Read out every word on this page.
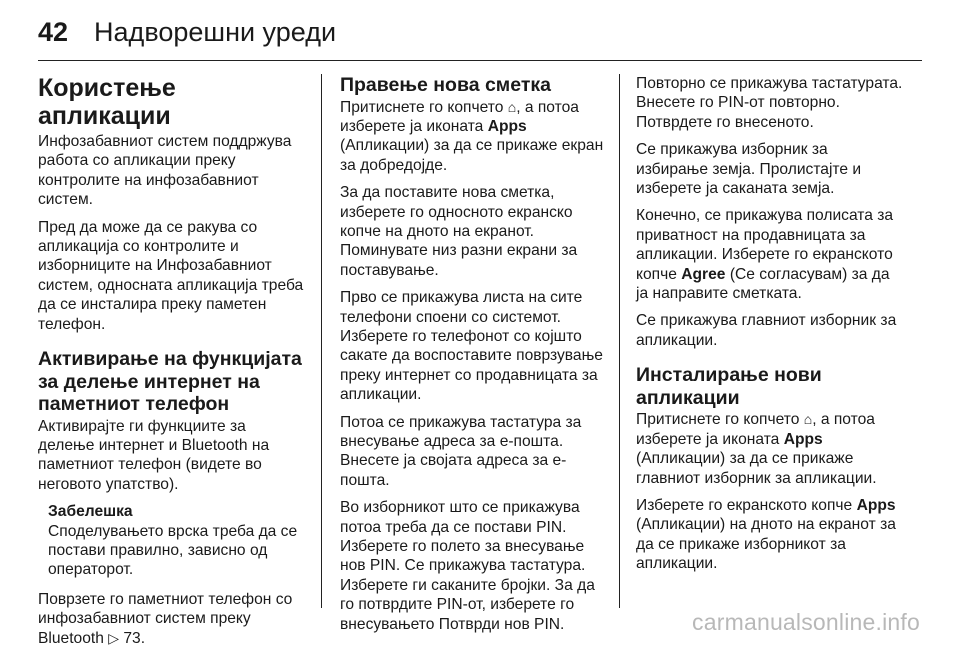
42 Надворешни уреди
Користење апликации

Инфозабавниот систем поддржува работа со апликации преку контролите на инфозабавниот систем.

Пред да може да се ракува со апликација со контролите и изборниците на Инфозабавниот систем, односната апликација треба да се инсталира преку паметен телефон.

Активирање на функцијата за делење интернет на паметниот телефон

Активирајте ги функциите за делење интернет и Bluetooth на паметниот телефон (видете во неговото упатство).

Забелешка

Споделувањето врска треба да се постави правилно, зависно од операторот.

Поврзете го паметниот телефон со инфозабавниот систем преку Bluetooth ▷ 73.

Правење нова сметка

Притиснете го копчето ⌂, а потоа изберете ја иконата Apps (Апликации) за да се прикаже екран за добредојде.

За да поставите нова сметка, изберете го односното екранско копче на дното на екранот. Поминувате низ разни екрани за поставување.

Прво се прикажува листа на сите телефони споени со системот. Изберете го телефонот со којшто сакате да воспоставите поврзување преку интернет со продавницата за апликации.

Потоа се прикажува тастатура за внесување адреса за е-пошта. Внесете ја својата адреса за е-пошта.

Во изборникот што се прикажува потоа треба да се постави PIN. Изберете го полето за внесување нов PIN. Се прикажува тастатура. Изберете ги саканите бројки. За да го потврдите PIN-от, изберете го внесувањето Потврди нов PIN.

Повторно се прикажува тастатурата. Внесете го PIN-от повторно. Потврдете го внесеното.

Се прикажува изборник за избирање земја. Пролистајте и изберете ја саканата земја.

Конечно, се прикажува полисата за приватност на продавницата за апликации. Изберете го екранското копче Agree (Се согласувам) за да ја направите сметката.

Се прикажува главниот изборник за апликации.

Инсталирање нови апликации

Притиснете го копчето ⌂, а потоа изберете ја иконата Apps (Апликации) за да се прикаже главниот изборник за апликации.

Изберете го екранското копче Apps (Апликации) на дното на екранот за да се прикаже изборникот за апликации.

carmanualsonline.info
